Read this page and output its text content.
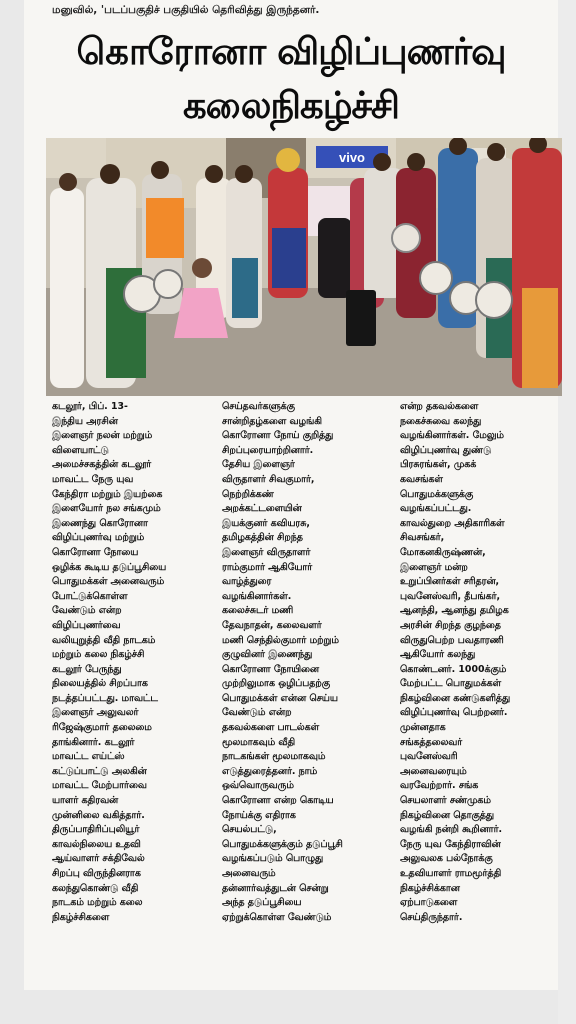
மனுவில், 'படப்பகுதிச் பகுதியில் தெரிவித்து இருந்தனர்.
கொரோனா விழிப்புணர்வு
கலைநிகழ்ச்சி
vivo
கடலூர், பிப். 13-
இந்திய அரசின்
இளைஞர் நலன் மற்றும்
விளையாட்டு
அமைச்சகத்தின் கடலூர்
மாவட்ட நேரு யுவ
கேந்திரா மற்றும் இயற்கை
இளையோர் நல சங்கமும்
இணைந்து கொரோனா
விழிப்புணர்வு மற்றும்
கொரோனா நோயை
ஒழிக்க கூடிய தடுப்பூசியை
பொதுமக்கள் அனைவரும்
போட்டுக்கொள்ள
வேண்டும் என்ற
விழிப்புணர்வை
வலியுறுத்தி வீதி நாடகம்
மற்றும் கலை நிகழ்ச்சி
கடலூர் பேருந்து
நிலையத்தில் சிறப்பாக
நடத்தப்பட்டது. மாவட்ட
இளைஞர் அலுவலர்
ரிஜேஷ்குமார் தலைமை
தாங்கினார். கடலூர்
மாவட்ட எய்ட்ஸ்
கட்டுப்பாட்டு அலகின்
மாவட்ட மேற்பார்வை
யாளர் கதிரவன்
முன்னிலை வகித்தார்.
திருப்பாதிரிப்புலியூர்
காவல்நிலைய உதவி
ஆய்வாளர் சக்திவேல்
சிறப்பு விருந்தினராக
கலந்துகொண்டு வீதி
நாடகம் மற்றும் கலை
நிகழ்ச்சிகளை
செய்தவர்களுக்கு
சான்றிதழ்களை வழங்கி
கொரோனா நோய் குறித்து
சிறப்புரையாற்றினார்.
தேசிய இளைஞர்
விருதாளர் சிவகுமார்,
நெற்றிக்கண்
அறக்கட்டளையின்
இயக்குனர் கவியரசு,
தமிழகத்தின் சிறந்த
இளைஞர் விருதாளர்
ராம்குமார் ஆகியோர்
வாழ்த்துரை
வழங்கினார்கள்.
கலைச்சுடர் மணி
தேவநாதன், கலைவளர்
மணி செந்தில்குமார் மற்றும்
குழுவினர் இணைந்து
கொரோனா நோயினை
முற்றிலுமாக ஒழிப்பதற்கு
பொதுமக்கள் என்ன செய்ய
வேண்டும் என்ற
தகவல்களை பாடல்கள்
மூலமாகவும் வீதி
நாடகங்கள் மூலமாகவும்
எடுத்துரைத்தனர். நாம்
ஒவ்வொருவரும்
கொரோனா என்ற கொடிய
நோய்க்கு எதிராக
செயல்பட்டு,
பொதுமக்களுக்கும் தடுப்பூசி
வழங்கப்படும் பொழுது
அனைவரும்
தன்னார்வத்துடன் சென்று
அந்த தடுப்பூசியை
ஏற்றுக்கொள்ள வேண்டும்
என்ற தகவல்களை
நகைச்சுவை கலந்து
வழங்கினார்கள். மேலும்
விழிப்புணர்வு துண்டு
பிரசுரங்கள், முகக்
கவசங்கள்
பொதுமக்களுக்கு
வழங்கப்பட்டது.
காவல்துறை அதிகாரிகள்
சிவசங்கர்,
மோகனகிருஷ்ணன்,
இளைஞர் மன்ற
உறுப்பினர்கள் சரிதரன்,
புவனேஸ்வரி, தீபங்கர்,
ஆனந்தி, ஆனந்து தமிழக
அரசின் சிறந்த குழந்தை
விருதுபெற்ற பவதாரணி
ஆகியோர் கலந்து
கொண்டனர். 1000க்கும்
மேற்பட்ட பொதுமக்கள்
நிகழ்வினை கண்டுகளித்து
விழிப்புணர்வு பெற்றனர்.
முன்னதாக
சங்கத்தலைவர்
புவனேஸ்வரி
அனைவரையும்
வரவேற்றார். சங்க
செயலாளர் சண்முகம்
நிகழ்வினை தொகுத்து
வழங்கி நன்றி கூறினார்.
நேரு யுவ கேந்திராவின்
அலுவலக பல்நோக்கு
உதவியாளர் ராமமூர்த்தி
நிகழ்ச்சிக்கான
ஏற்பாடுகளை
செய்திருந்தார்.
